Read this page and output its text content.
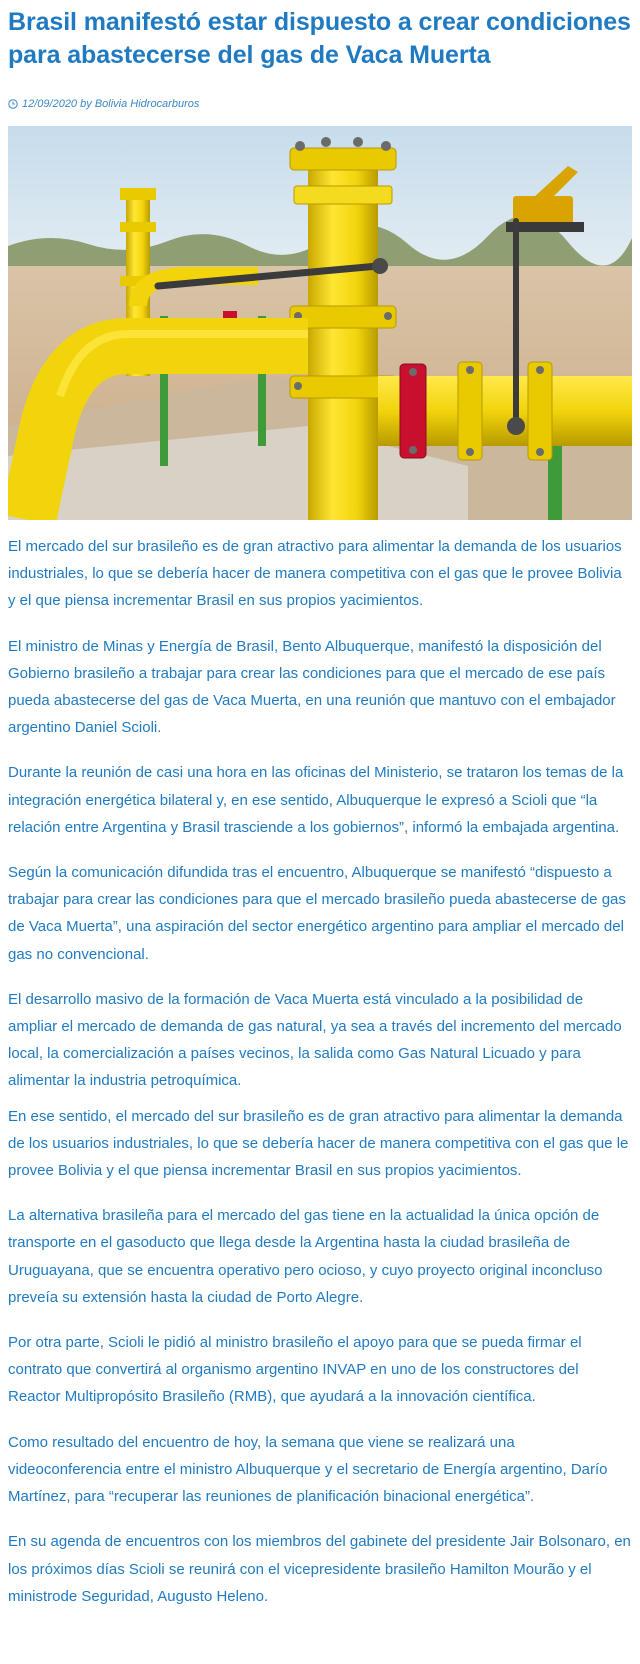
Brasil manifestó estar dispuesto a crear condiciones para abastecerse del gas de Vaca Muerta
12/09/2020
by
Bolivia Hidrocarburos

El mercado del sur brasileño es de gran atractivo para alimentar la demanda de los usuarios industriales, lo que se debería hacer de manera competitiva con el gas que le provee Bolivia y el que piensa incrementar Brasil en sus propios yacimientos.

El ministro de Minas y Energía de Brasil, Bento Albuquerque, manifestó la disposición del Gobierno brasileño a trabajar para crear las condiciones para que el mercado de ese país pueda abastecerse del gas de Vaca Muerta, en una reunión que mantuvo con el embajador argentino Daniel Scioli.

Durante la reunión de casi una hora en las oficinas del Ministerio, se trataron los temas de la integración energética bilateral y, en ese sentido, Albuquerque le expresó a Scioli que “la relación entre Argentina y Brasil trasciende a los gobiernos”, informó la embajada argentina.

Según la comunicación difundida tras el encuentro, Albuquerque se manifestó “dispuesto a trabajar para crear las condiciones para que el mercado brasileño pueda abastecerse de gas de Vaca Muerta”, una aspiración del sector energético argentino para ampliar el mercado del gas no convencional.

El desarrollo masivo de la formación de Vaca Muerta está vinculado a la posibilidad de ampliar el mercado de demanda de gas natural, ya sea a través del incremento del mercado local, la comercialización a países vecinos, la salida como Gas Natural Licuado y para alimentar la industria petroquímica.

En ese sentido, el mercado del sur brasileño es de gran atractivo para alimentar la demanda de los usuarios industriales, lo que se debería hacer de manera competitiva con el gas que le provee Bolivia y el que piensa incrementar Brasil en sus propios yacimientos.

La alternativa brasileña para el mercado del gas tiene en la actualidad la única opción de transporte en el gasoducto que llega desde la Argentina hasta la ciudad brasileña de Uruguayana, que se encuentra operativo pero ocioso, y cuyo proyecto original inconcluso preveía su extensión hasta la ciudad de Porto Alegre.

Por otra parte, Scioli le pidió al ministro brasileño el apoyo para que se pueda firmar el contrato que convertirá al organismo argentino INVAP en uno de los constructores del Reactor Multipropósito Brasileño (RMB), que ayudará a la innovación científica.

Como resultado del encuentro de hoy, la semana que viene se realizará una videoconferencia entre el ministro Albuquerque y el secretario de Energía argentino, Darío Martínez, para “recuperar las reuniones de planificación binacional energética”.

En su agenda de encuentros con los miembros del gabinete del presidente Jair Bolsonaro, en los próximos días Scioli se reunirá con el vicepresidente brasileño Hamilton Mourão y el ministrode Seguridad, Augusto Heleno.
